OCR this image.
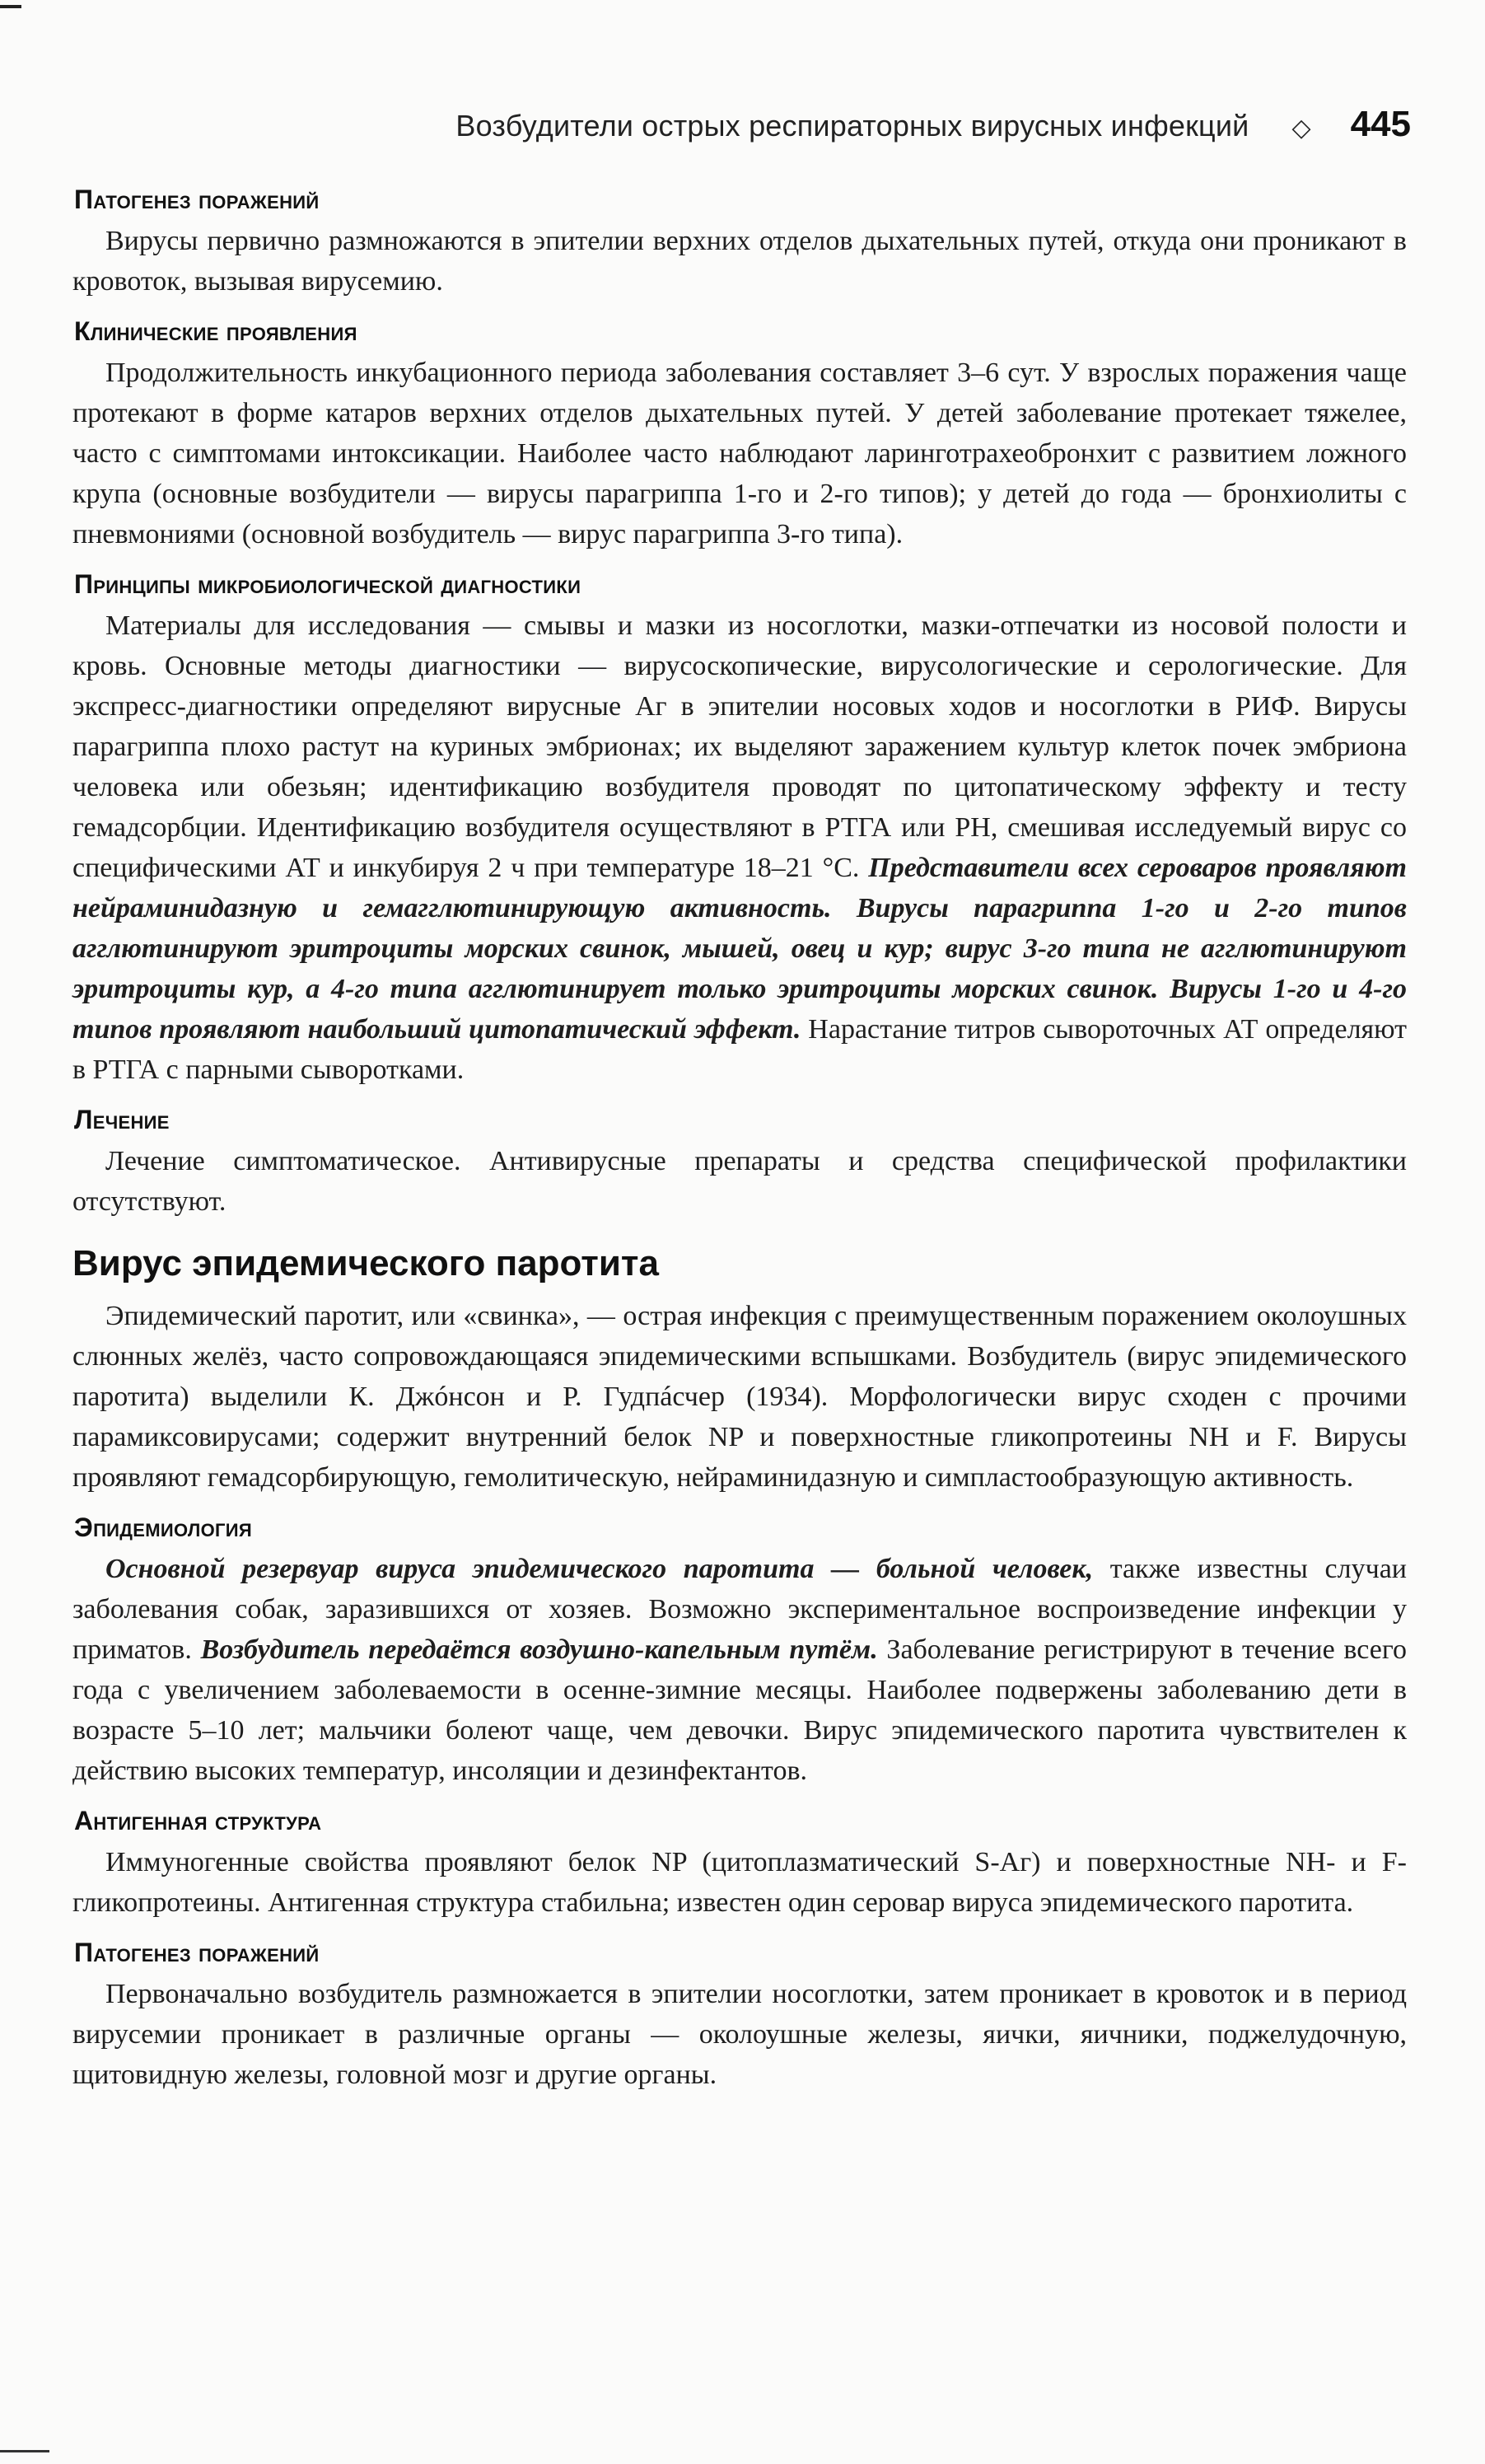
Возбудители острых респираторных вирусных инфекций ◇ 445
Патогенез поражений

Вирусы первично размножаются в эпителии верхних отделов дыхательных путей, откуда они проникают в кровоток, вызывая вирусемию.

Клинические проявления

Продолжительность инкубационного периода заболевания составляет 3–6 сут. У взрослых поражения чаще протекают в форме катаров верхних отделов дыхательных путей. У детей заболевание протекает тяжелее, часто с симптомами интоксикации. Наиболее часто наблюдают ларинготрахеобронхит с развитием ложного крупа (основные возбудители — вирусы парагриппа 1-го и 2-го типов); у детей до года — бронхиолиты с пневмониями (основной возбудитель — вирус парагриппа 3-го типа).

Принципы микробиологической диагностики

Материалы для исследования — смывы и мазки из носоглотки, мазки-отпечатки из носовой полости и кровь. Основные методы диагностики — вирусоскопические, вирусологические и серологические. Для экспресс-диагностики определяют вирусные Аг в эпителии носовых ходов и носоглотки в РИФ. Вирусы парагриппа плохо растут на куриных эмбрионах; их выделяют заражением культур клеток почек эмбриона человека или обезьян; идентификацию возбудителя проводят по цитопатическому эффекту и тесту гемадсорбции. Идентификацию возбудителя осуществляют в РТГА или РН, смешивая исследуемый вирус со специфическими АТ и инкубируя 2 ч при температуре 18–21 °С. Представители всех сероваров проявляют нейраминидазную и гемагглютинирующую активность. Вирусы парагриппа 1-го и 2-го типов агглютинируют эритроциты морских свинок, мышей, овец и кур; вирус 3-го типа не агглютинируют эритроциты кур, а 4-го типа агглютинирует только эритроциты морских свинок. Вирусы 1-го и 4-го типов проявляют наибольший цитопатический эффект. Нарастание титров сывороточных АТ определяют в РТГА с парными сыворотками.

Лечение

Лечение симптоматическое. Антивирусные препараты и средства специфической профилактики отсутствуют.

Вирус эпидемического паротита

Эпидемический паротит, или «свинка», — острая инфекция с преимущественным поражением околоушных слюнных желёз, часто сопровождающаяся эпидемическими вспышками. Возбудитель (вирус эпидемического паротита) выделили К. Джóнсон и Р. Гудпáсчер (1934). Морфологически вирус сходен с прочими парамиксовирусами; содержит внутренний белок NP и поверхностные гликопротеины NH и F. Вирусы проявляют гемадсорбирующую, гемолитическую, нейраминидазную и симпластообразующую активность.

Эпидемиология

Основной резервуар вируса эпидемического паротита — больной человек, также известны случаи заболевания собак, заразившихся от хозяев. Возможно экспериментальное воспроизведение инфекции у приматов. Возбудитель передаётся воздушно-капельным путём. Заболевание регистрируют в течение всего года с увеличением заболеваемости в осенне-зимние месяцы. Наиболее подвержены заболеванию дети в возрасте 5–10 лет; мальчики болеют чаще, чем девочки. Вирус эпидемического паротита чувствителен к действию высоких температур, инсоляции и дезинфектантов.

Антигенная структура

Иммуногенные свойства проявляют белок NP (цитоплазматический S-Аг) и поверхностные NH- и F-гликопротеины. Антигенная структура стабильна; известен один серовар вируса эпидемического паротита.

Патогенез поражений

Первоначально возбудитель размножается в эпителии носоглотки, затем проникает в кровоток и в период вирусемии проникает в различные органы — околоушные железы, яички, яичники, поджелудочную, щитовидную железы, головной мозг и другие органы.
